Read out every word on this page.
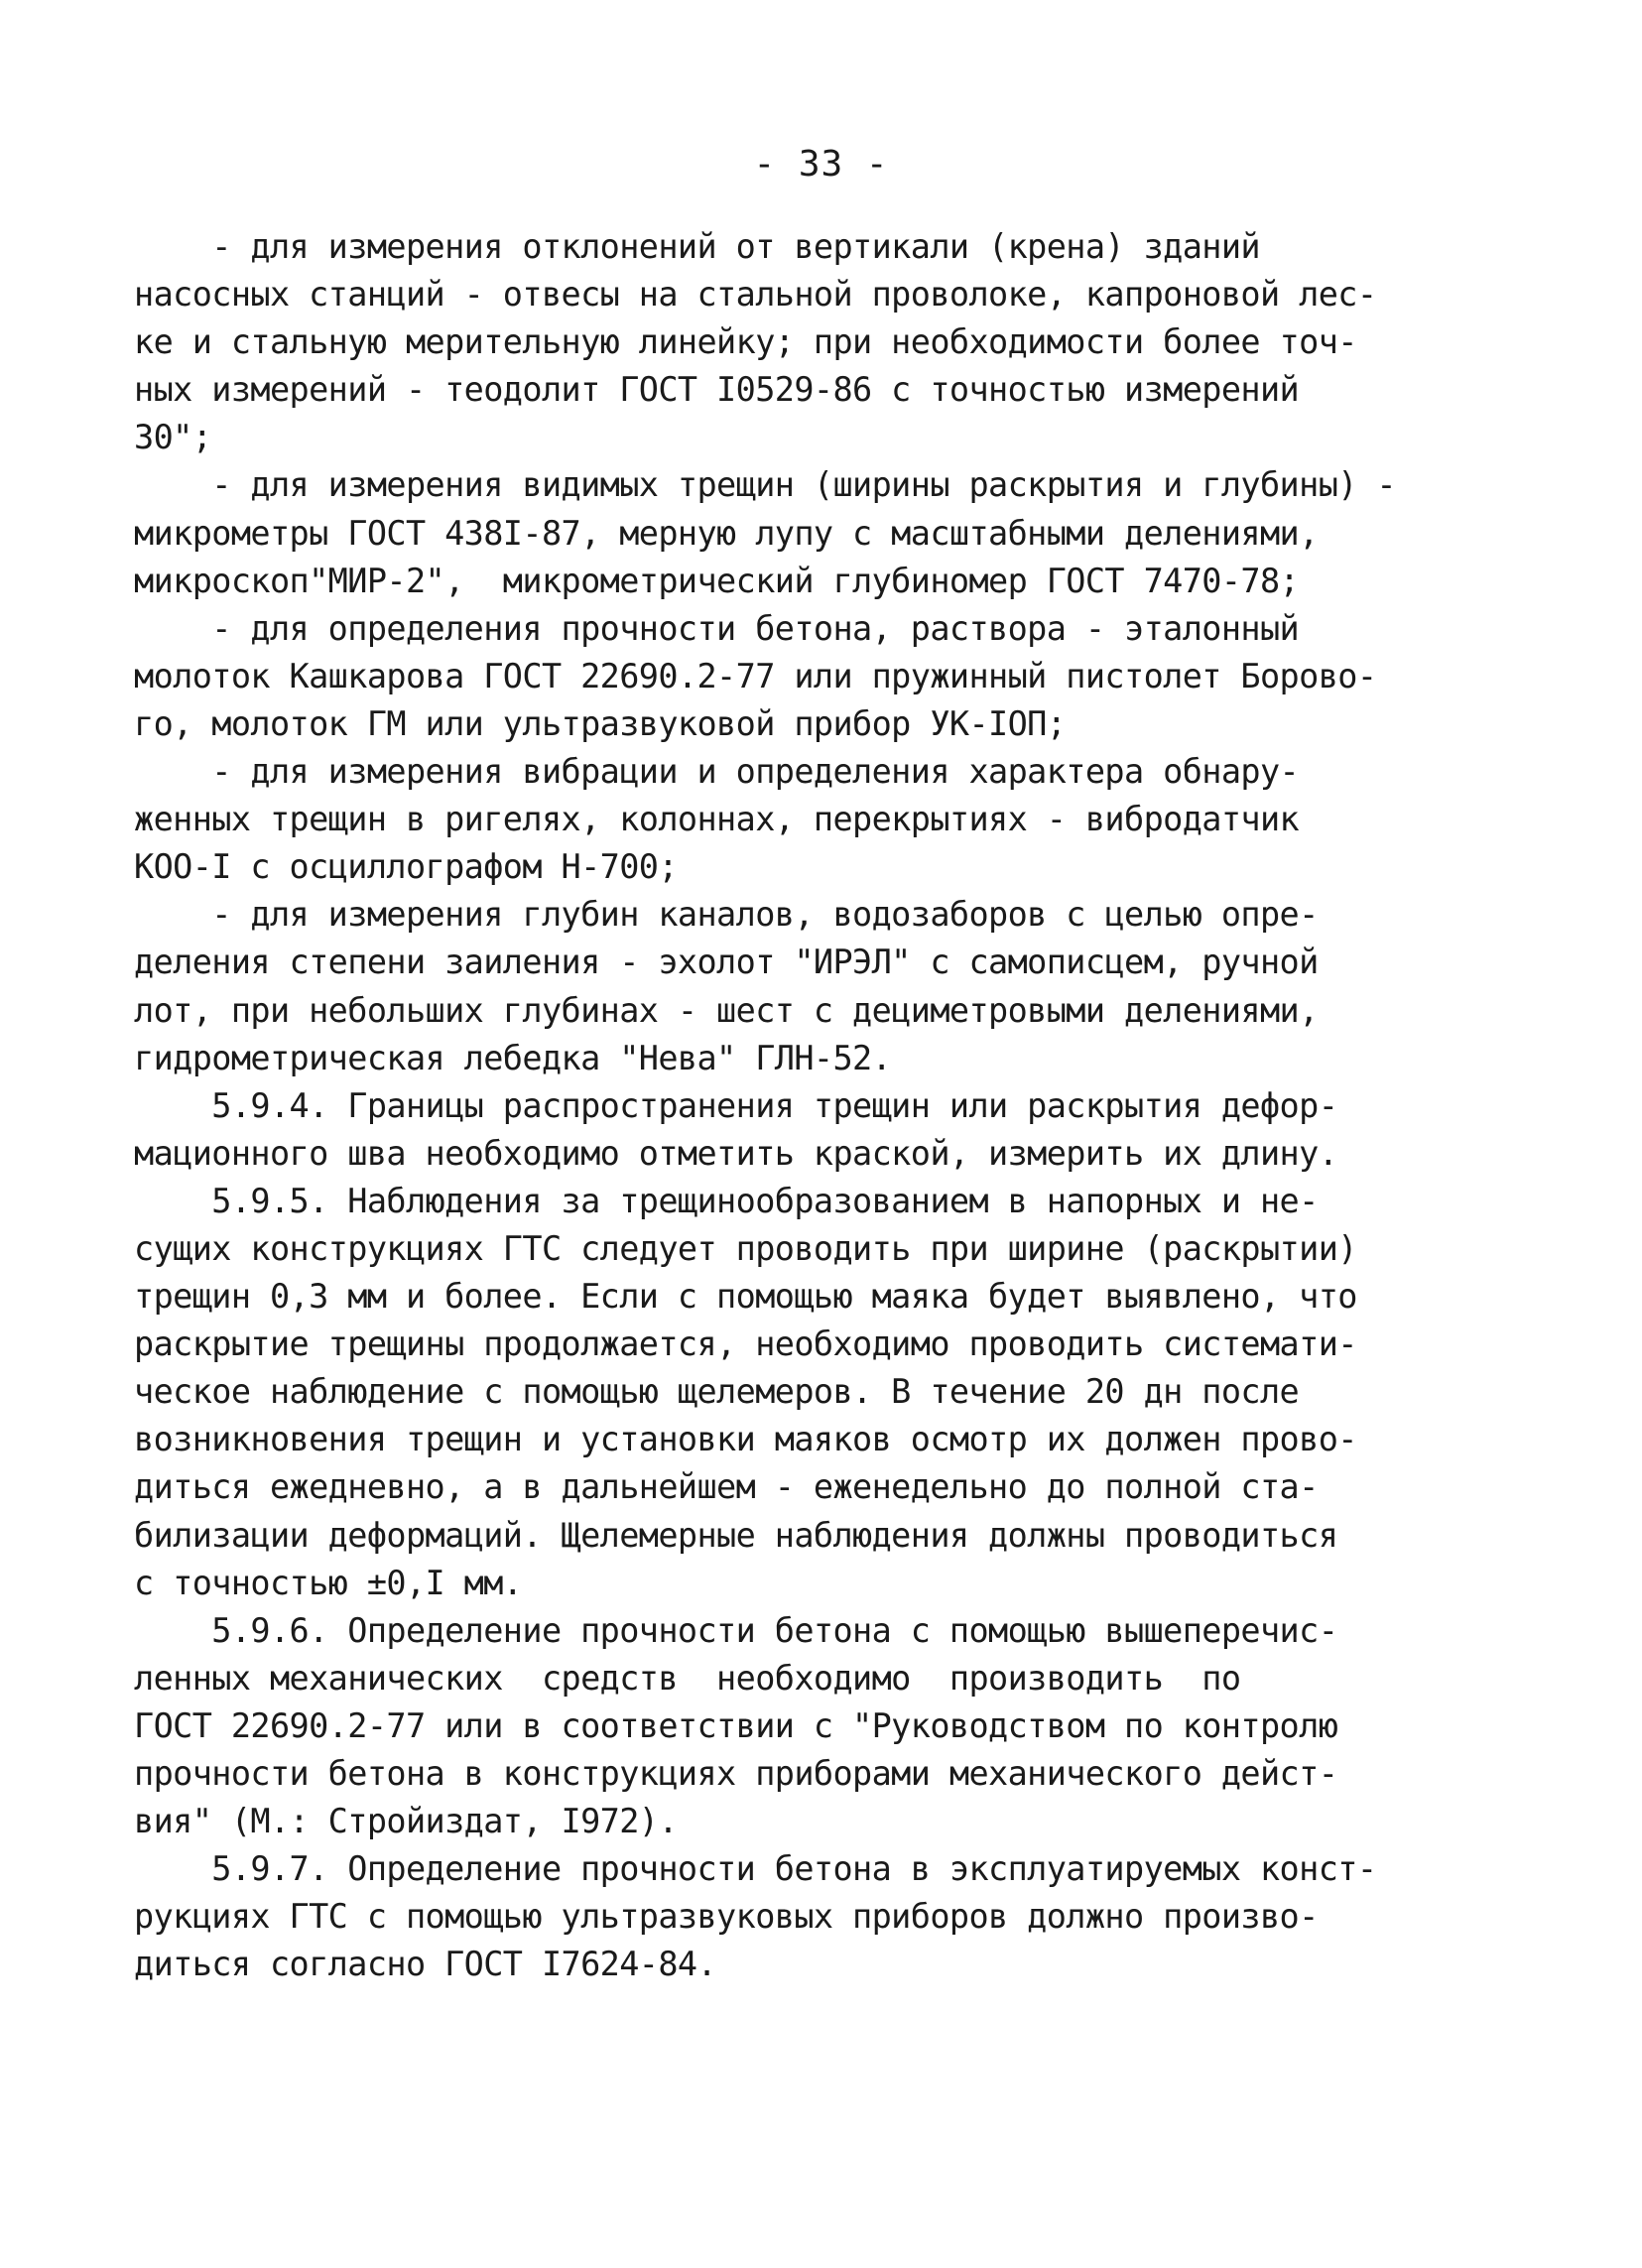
- 33 -
- для измерения отклонений от вертикали (крена) зданий
насосных станций - отвесы на стальной проволоке, капроновой лес-
ке и стальную мерительную линейку; при необходимости более точ-
ных измерений - теодолит ГОСТ I0529-86 с точностью измерений
30";
- для измерения видимых трещин (ширины раскрытия и глубины) -
микрометры ГОСТ 438I-87, мерную лупу с масштабными делениями,
микроскоп"МИР-2",  микрометрический глубиномер ГОСТ 7470-78;
- для определения прочности бетона, раствора - эталонный
молоток Кашкарова ГОСТ 22690.2-77 или пружинный пистолет Борово-
го, молоток ГМ или ультразвуковой прибор УК-IOП;
- для измерения вибрации и определения характера обнару-
женных трещин в ригелях, колоннах, перекрытиях - вибродатчик
КОО-I с осциллографом Н-700;
- для измерения глубин каналов, водозаборов с целью опре-
деления степени заиления - эхолот "ИРЭЛ" с самописцем, ручной
лот, при небольших глубинах - шест с дециметровыми делениями,
гидрометрическая лебедка "Нева" ГЛН-52.
5.9.4. Границы распространения трещин или раскрытия дефор-
мационного шва необходимо отметить краской, измерить их длину.
5.9.5. Наблюдения за трещинообразованием в напорных и не-
сущих конструкциях ГТС следует проводить при ширине (раскрытии)
трещин 0,3 мм и более. Если с помощью маяка будет выявлено, что
раскрытие трещины продолжается, необходимо проводить системати-
ческое наблюдение с помощью щелемеров. В течение 20 дн после
возникновения трещин и установки маяков осмотр их должен прово-
диться ежедневно, а в дальнейшем - еженедельно до полной ста-
билизации деформаций. Щелемерные наблюдения должны проводиться
с точностью ±0,I мм.
5.9.6. Определение прочности бетона с помощью вышеперечис-
ленных механических  средств  необходимо  производить  по
ГОСТ 22690.2-77 или в соответствии с "Руководством по контролю
прочности бетона в конструкциях приборами механического дейст-
вия" (М.: Стройиздат, I972).
5.9.7. Определение прочности бетона в эксплуатируемых конст-
рукциях ГТС с помощью ультразвуковых приборов должно произво-
диться согласно ГОСТ I7624-84.
